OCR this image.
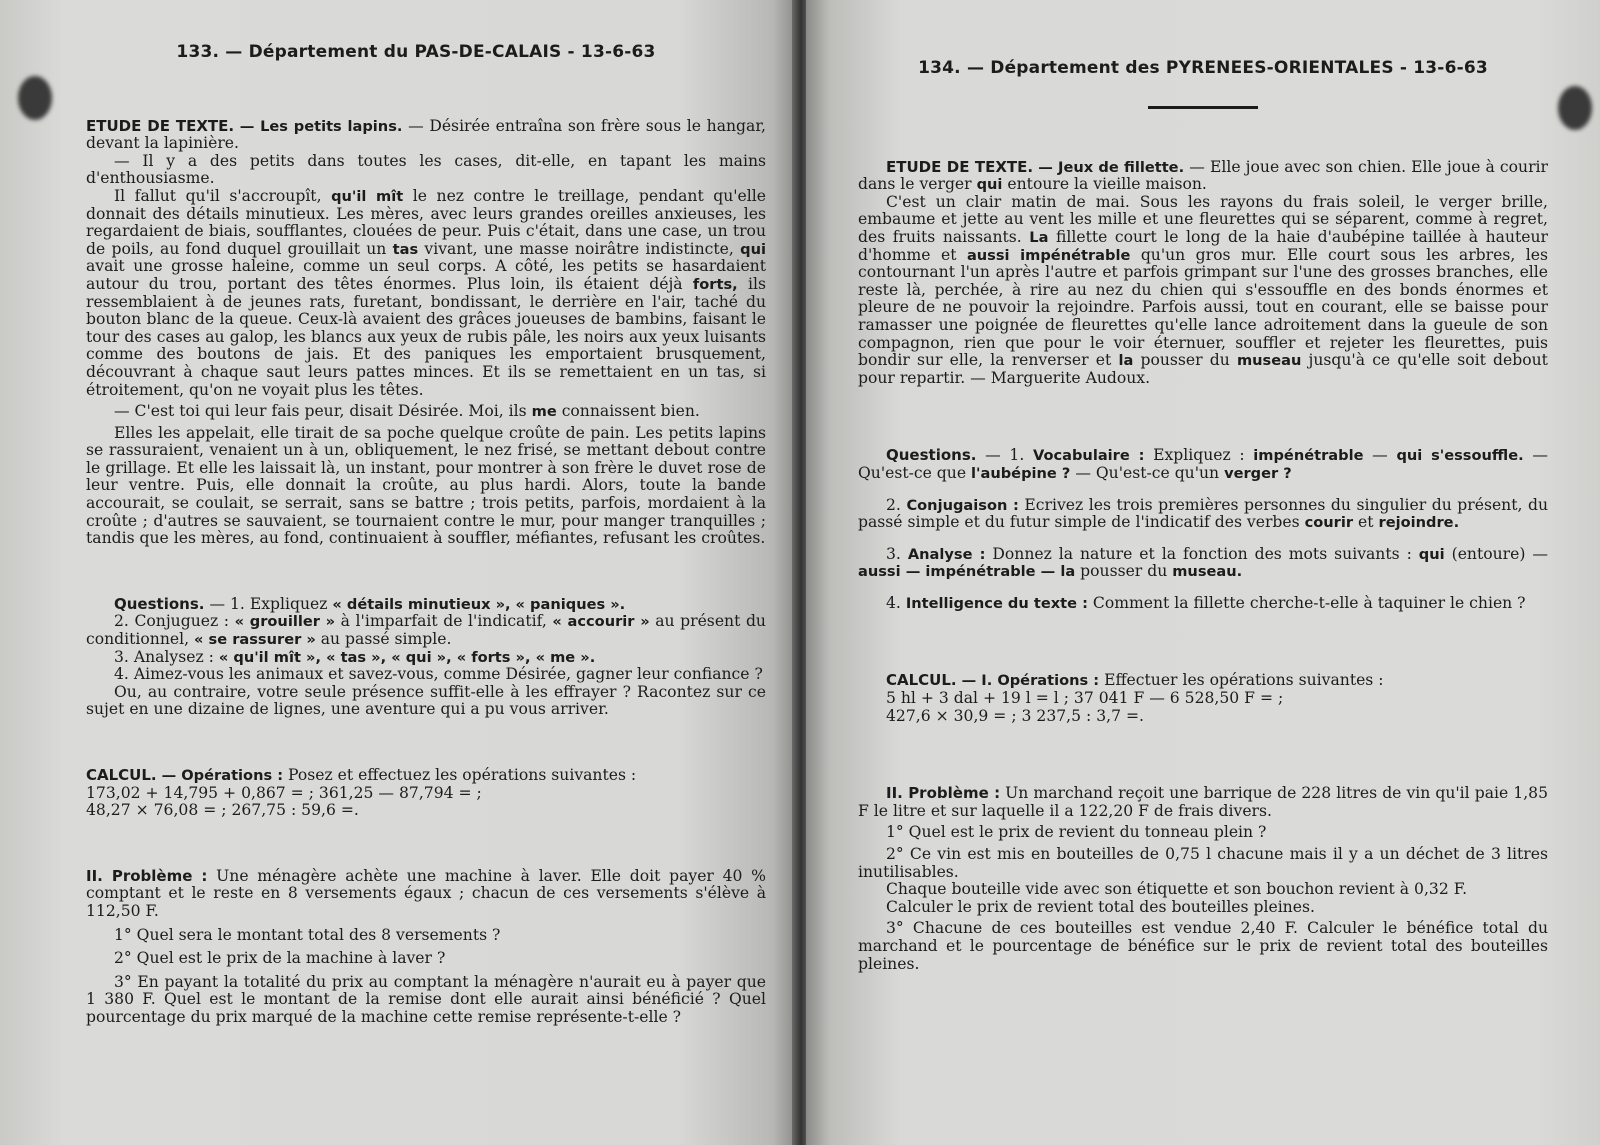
133. — Département du PAS-DE-CALAIS - 13-6-63

ETUDE DE TEXTE. — Les petits lapins. — Désirée entraîna son frère sous le hangar, devant la lapinière.

— Il y a des petits dans toutes les cases, dit-elle, en tapant les mains d'enthousiasme.

Il fallut qu'il s'accroupît, qu'il mît le nez contre le treillage, pendant qu'elle donnait des détails minutieux. Les mères, avec leurs grandes oreilles anxieuses, les regardaient de biais, soufflantes, clouées de peur. Puis c'était, dans une case, un trou de poils, au fond duquel grouillait un tas vivant, une masse noirâtre indistincte, qui avait une grosse haleine, comme un seul corps. A côté, les petits se hasardaient autour du trou, portant des têtes énormes. Plus loin, ils étaient déjà forts, ils ressemblaient à de jeunes rats, furetant, bondissant, le derrière en l'air, taché du bouton blanc de la queue. Ceux-là avaient des grâces joueuses de bambins, faisant le tour des cases au galop, les blancs aux yeux de rubis pâle, les noirs aux yeux luisants comme des boutons de jais. Et des paniques les emportaient brusquement, découvrant à chaque saut leurs pattes minces. Et ils se remettaient en un tas, si étroitement, qu'on ne voyait plus les têtes.

— C'est toi qui leur fais peur, disait Désirée. Moi, ils me connaissent bien.

Elles les appelait, elle tirait de sa poche quelque croûte de pain. Les petits lapins se rassuraient, venaient un à un, obliquement, le nez frisé, se mettant debout contre le grillage. Et elle les laissait là, un instant, pour montrer à son frère le duvet rose de leur ventre. Puis, elle donnait la croûte, au plus hardi. Alors, toute la bande accourait, se coulait, se serrait, sans se battre ; trois petits, parfois, mordaient à la croûte ; d'autres se sauvaient, se tournaient contre le mur, pour manger tranquilles ; tandis que les mères, au fond, continuaient à souffler, méfiantes, refusant les croûtes.

Questions. — 1. Expliquez « détails minutieux », « paniques ».

2. Conjuguez : « grouiller » à l'imparfait de l'indicatif, « accourir » au présent du conditionnel, « se rassurer » au passé simple.

3. Analysez : « qu'il mît », « tas », « qui », « forts », « me ».

4. Aimez-vous les animaux et savez-vous, comme Désirée, gagner leur confiance ?

Ou, au contraire, votre seule présence suffit-elle à les effrayer ? Racontez sur ce sujet en une dizaine de lignes, une aventure qui a pu vous arriver.

CALCUL. — Opérations : Posez et effectuez les opérations suivantes :

173,02 + 14,795 + 0,867 = ; 361,25 — 87,794 = ;

48,27 × 76,08 = ; 267,75 : 59,6 =.

II. Problème : Une ménagère achète une machine à laver. Elle doit payer 40 % comptant et le reste en 8 versements égaux ; chacun de ces versements s'élève à 112,50 F.

1° Quel sera le montant total des 8 versements ?

2° Quel est le prix de la machine à laver ?

3° En payant la totalité du prix au comptant la ménagère n'aurait eu à payer que 1 380 F. Quel est le montant de la remise dont elle aurait ainsi bénéficié ? Quel pourcentage du prix marqué de la machine cette remise représente-t-elle ?

134. — Département des PYRENEES-ORIENTALES - 13-6-63

ETUDE DE TEXTE. — Jeux de fillette. — Elle joue avec son chien. Elle joue à courir dans le verger qui entoure la vieille maison.

C'est un clair matin de mai. Sous les rayons du frais soleil, le verger brille, embaume et jette au vent les mille et une fleurettes qui se séparent, comme à regret, des fruits naissants. La fillette court le long de la haie d'aubépine taillée à hauteur d'homme et aussi impénétrable qu'un gros mur. Elle court sous les arbres, les contournant l'un après l'autre et parfois grimpant sur l'une des grosses branches, elle reste là, perchée, à rire au nez du chien qui s'essouffle en des bonds énormes et pleure de ne pouvoir la rejoindre. Parfois aussi, tout en courant, elle se baisse pour ramasser une poignée de fleurettes qu'elle lance adroitement dans la gueule de son compagnon, rien que pour le voir éternuer, souffler et rejeter les fleurettes, puis bondir sur elle, la renverser et la pousser du museau jusqu'à ce qu'elle soit debout pour repartir. — Marguerite Audoux.

Questions. — 1. Vocabulaire : Expliquez : impénétrable — qui s'essouffle. — Qu'est-ce que l'aubépine ? — Qu'est-ce qu'un verger ?

2. Conjugaison : Ecrivez les trois premières personnes du singulier du présent, du passé simple et du futur simple de l'indicatif des verbes courir et rejoindre.

3. Analyse : Donnez la nature et la fonction des mots suivants : qui (entoure) — aussi — impénétrable — la pousser du museau.

4. Intelligence du texte : Comment la fillette cherche-t-elle à taquiner le chien ?

CALCUL. — I. Opérations : Effectuer les opérations suivantes :

5 hl + 3 dal + 19 l = l ; 37 041 F — 6 528,50 F = ;

427,6 × 30,9 = ; 3 237,5 : 3,7 =.

II. Problème : Un marchand reçoit une barrique de 228 litres de vin qu'il paie 1,85 F le litre et sur laquelle il a 122,20 F de frais divers.

1° Quel est le prix de revient du tonneau plein ?

2° Ce vin est mis en bouteilles de 0,75 l chacune mais il y a un déchet de 3 litres inutilisables.

Chaque bouteille vide avec son étiquette et son bouchon revient à 0,32 F.

Calculer le prix de revient total des bouteilles pleines.

3° Chacune de ces bouteilles est vendue 2,40 F. Calculer le bénéfice total du marchand et le pourcentage de bénéfice sur le prix de revient total des bouteilles pleines.
